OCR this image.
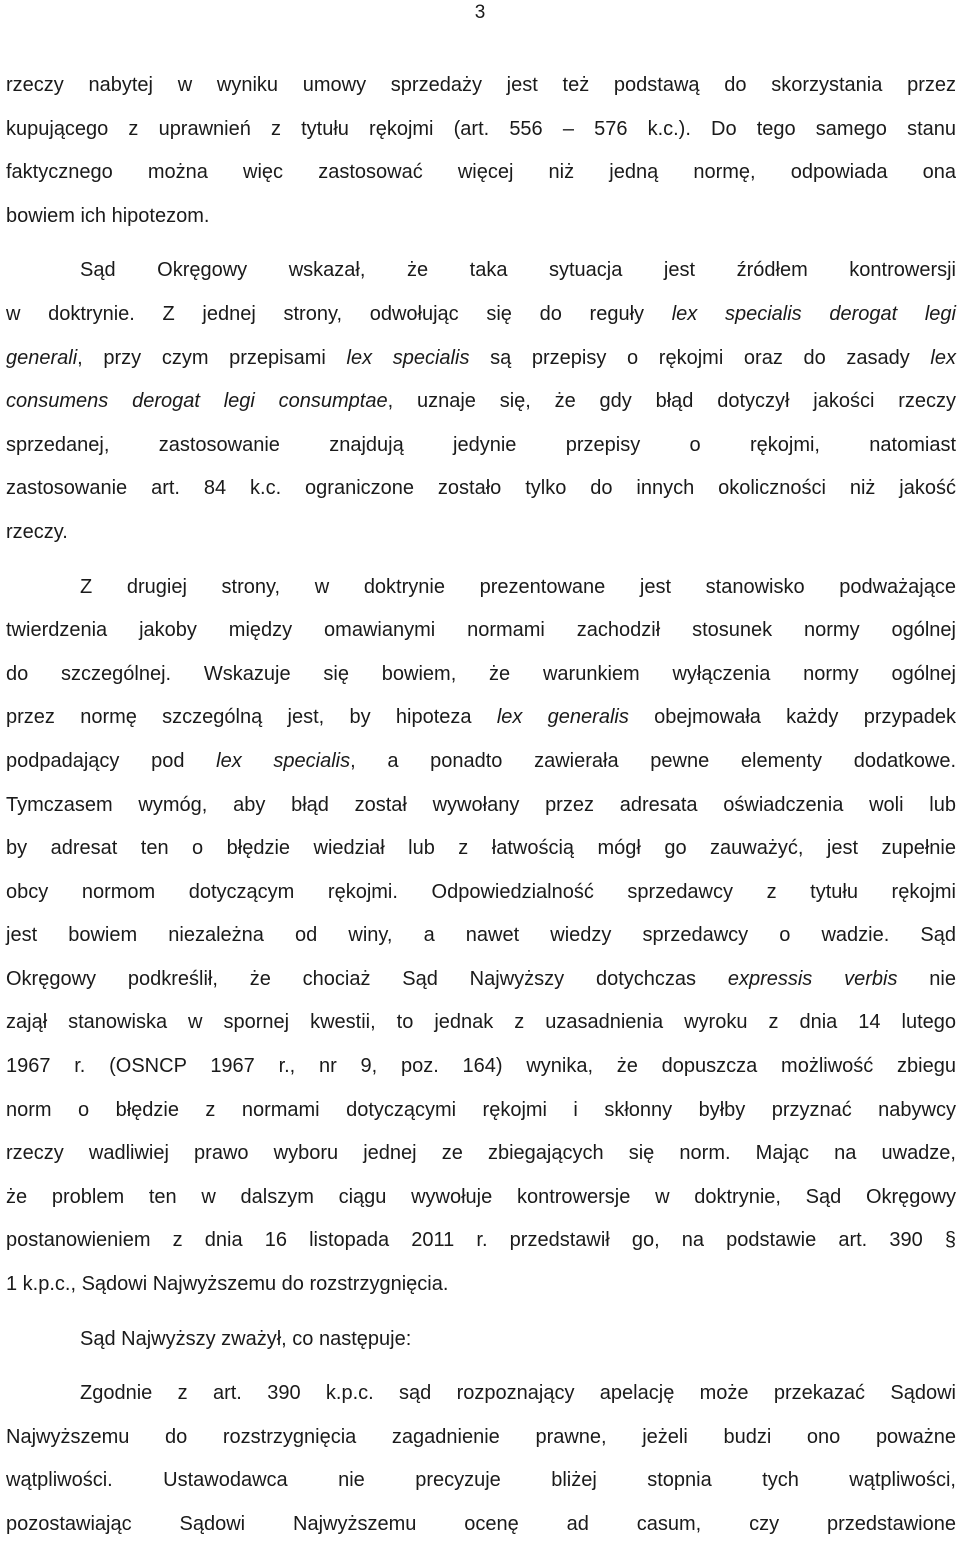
3
rzeczy nabytej w wyniku umowy sprzedaży jest też podstawą do skorzystania przez
kupującego z uprawnień z tytułu rękojmi (art. 556 – 576 k.c.). Do tego samego stanu
faktycznego można więc zastosować więcej niż jedną normę, odpowiada ona
bowiem ich hipotezom.
Sąd Okręgowy wskazał, że taka sytuacja jest źródłem kontrowersji
w doktrynie. Z jednej strony, odwołując się do reguły lex specialis derogat legi
generali, przy czym przepisami lex specialis są przepisy o rękojmi oraz do zasady lex
consumens derogat legi consumptae, uznaje się, że gdy błąd dotyczył jakości rzeczy
sprzedanej, zastosowanie znajdują jedynie przepisy o rękojmi, natomiast
zastosowanie art. 84 k.c. ograniczone zostało tylko do innych okoliczności niż jakość
rzeczy.
Z drugiej strony, w doktrynie prezentowane jest stanowisko podważające
twierdzenia jakoby między omawianymi normami zachodził stosunek normy ogólnej
do szczególnej. Wskazuje się bowiem, że warunkiem wyłączenia normy ogólnej
przez normę szczególną jest, by hipoteza lex generalis obejmowała każdy przypadek
podpadający pod lex specialis, a ponadto zawierała pewne elementy dodatkowe.
Tymczasem wymóg, aby błąd został wywołany przez adresata oświadczenia woli lub
by adresat ten o błędzie wiedział lub z łatwością mógł go zauważyć, jest zupełnie
obcy normom dotyczącym rękojmi. Odpowiedzialność sprzedawcy z tytułu rękojmi
jest bowiem niezależna od winy, a nawet wiedzy sprzedawcy o wadzie. Sąd
Okręgowy podkreślił, że chociaż Sąd Najwyższy dotychczas expressis verbis nie
zajął stanowiska w spornej kwestii, to jednak z uzasadnienia wyroku z dnia 14 lutego
1967 r. (OSNCP 1967 r., nr 9, poz. 164) wynika, że dopuszcza możliwość zbiegu
norm o błędzie z normami dotyczącymi rękojmi i skłonny byłby przyznać nabywcy
rzeczy wadliwiej prawo wyboru jednej ze zbiegających się norm. Mając na uwadze,
że problem ten w dalszym ciągu wywołuje kontrowersje w doktrynie, Sąd Okręgowy
postanowieniem z dnia 16 listopada 2011 r. przedstawił go, na podstawie art. 390 §
1 k.p.c., Sądowi Najwyższemu do rozstrzygnięcia.
Sąd Najwyższy zważył, co następuje:
Zgodnie z art. 390 k.p.c. sąd rozpoznający apelację może przekazać Sądowi
Najwyższemu do rozstrzygnięcia zagadnienie prawne, jeżeli budzi ono poważne
wątpliwości. Ustawodawca nie precyzuje bliżej stopnia tych wątpliwości,
pozostawiając Sądowi Najwyższemu ocenę ad casum, czy przedstawione
